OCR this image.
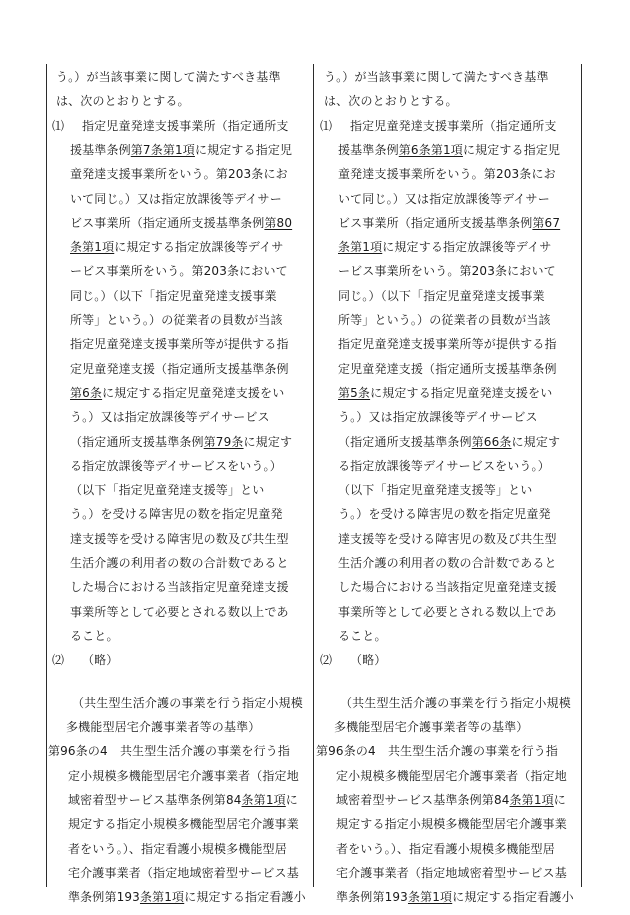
う。）が当該事業に関して満たすべき基準
は、次のとおりとする。
⑴ 指定児童発達支援事業所（指定通所支
援基準条例第7条第1項に規定する指定児
童発達支援事業所をいう。第203条にお
いて同じ。）又は指定放課後等デイサー
ビス事業所（指定通所支援基準条例第80
条第1項に規定する指定放課後等デイサ
ービス事業所をいう。第203条において
同じ。）（以下「指定児童発達支援事業
所等」という。）の従業者の員数が当該
指定児童発達支援事業所等が提供する指
定児童発達支援（指定通所支援基準条例
第6条に規定する指定児童発達支援をい
う。）又は指定放課後等デイサービス
（指定通所支援基準条例第79条に規定す
る指定放課後等デイサービスをいう。）
（以下「指定児童発達支援等」とい
う。）を受ける障害児の数を指定児童発
達支援等を受ける障害児の数及び共生型
生活介護の利用者の数の合計数であると
した場合における当該指定児童発達支援
事業所等として必要とされる数以上であ
ること。
⑵ （略）
（共生型生活介護の事業を行う指定小規模
多機能型居宅介護事業者等の基準）
第96条の4　共生型生活介護の事業を行う指
定小規模多機能型居宅介護事業者（指定地
域密着型サービス基準条例第84条第1項に
規定する指定小規模多機能型居宅介護事業
者をいう。）、指定看護小規模多機能型居
宅介護事業者（指定地域密着型サービス基
準条例第193条第1項に規定する指定看護小
う。）が当該事業に関して満たすべき基準
は、次のとおりとする。
⑴ 指定児童発達支援事業所（指定通所支
援基準条例第6条第1項に規定する指定児
童発達支援事業所をいう。第203条にお
いて同じ。）又は指定放課後等デイサー
ビス事業所（指定通所支援基準条例第67
条第1項に規定する指定放課後等デイサ
ービス事業所をいう。第203条において
同じ。）（以下「指定児童発達支援事業
所等」という。）の従業者の員数が当該
指定児童発達支援事業所等が提供する指
定児童発達支援（指定通所支援基準条例
第5条に規定する指定児童発達支援をい
う。）又は指定放課後等デイサービス
（指定通所支援基準条例第66条に規定す
る指定放課後等デイサービスをいう。）
（以下「指定児童発達支援等」とい
う。）を受ける障害児の数を指定児童発
達支援等を受ける障害児の数及び共生型
生活介護の利用者の数の合計数であると
した場合における当該指定児童発達支援
事業所等として必要とされる数以上であ
ること。
⑵ （略）
（共生型生活介護の事業を行う指定小規模
多機能型居宅介護事業者等の基準）
第96条の4　共生型生活介護の事業を行う指
定小規模多機能型居宅介護事業者（指定地
域密着型サービス基準条例第84条第1項に
規定する指定小規模多機能型居宅介護事業
者をいう。）、指定看護小規模多機能型居
宅介護事業者（指定地域密着型サービス基
準条例第193条第1項に規定する指定看護小
